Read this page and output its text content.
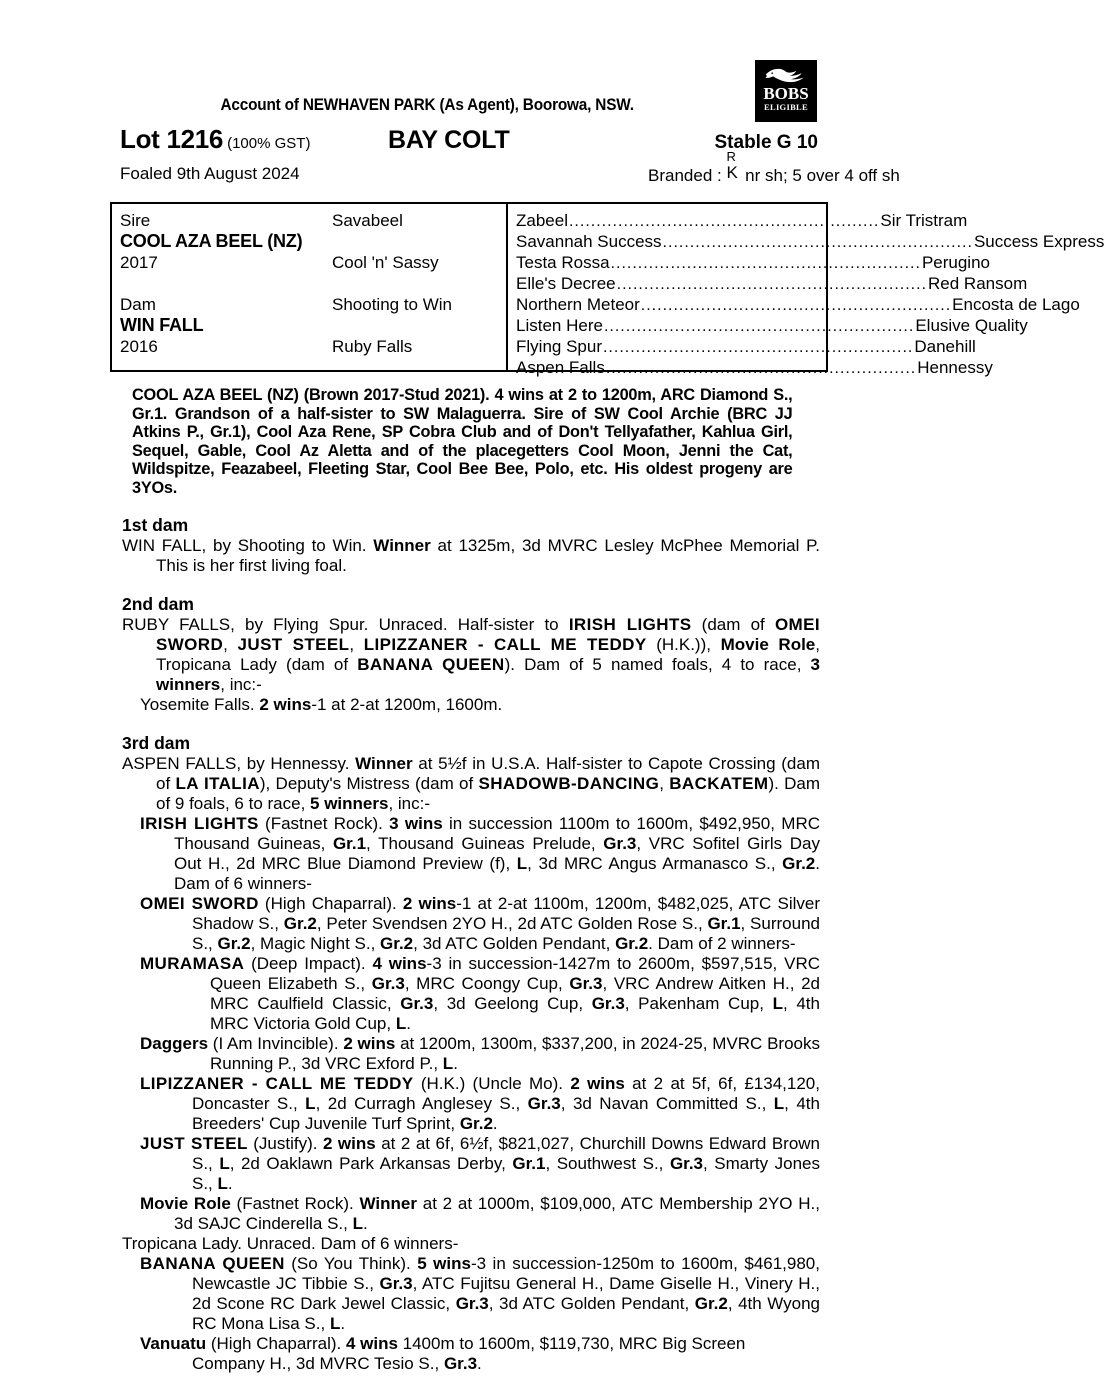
BOBS
ELIGIBLE
Account of NEWHAVEN PARK (As Agent), Boorowa, NSW.
Lot 1216 (100% GST)	BAY COLT	Stable G 10
Foaled 9th August 2024	Branded :
R
K nr sh; 5 over 4 off sh
Sire	Savabeel
COOL AZA BEEL (NZ)
2017	Cool 'n' Sassy
Dam	Shooting to Win
WIN FALL
2016	Ruby Falls
Zabeel ......................................................... Sir Tristram
Savannah Success ......................................................... Success Express
Testa Rossa ......................................................... Perugino
Elle's Decree ......................................................... Red Ransom
Northern Meteor ......................................................... Encosta de Lago
Listen Here ......................................................... Elusive Quality
Flying Spur ......................................................... Danehill
Aspen Falls ......................................................... Hennessy
COOL AZA BEEL (NZ) (Brown 2017-Stud 2021). 4 wins at 2 to 1200m, ARC Diamond S., Gr.1. Grandson of a half-sister to SW Malaguerra. Sire of SW Cool Archie (BRC JJ Atkins P., Gr.1), Cool Aza Rene, SP Cobra Club and of Don't Tellyafather, Kahlua Girl, Sequel, Gable, Cool Az Aletta and of the placegetters Cool Moon, Jenni the Cat, Wildspitze, Feazabeel, Fleeting Star, Cool Bee Bee, Polo, etc. His oldest progeny are 3YOs.
1st dam
WIN FALL, by Shooting to Win. Winner at 1325m, 3d MVRC Lesley McPhee Memorial P. This is her first living foal.
2nd dam
RUBY FALLS, by Flying Spur. Unraced. Half-sister to IRISH LIGHTS (dam of OMEI SWORD, JUST STEEL, LIPIZZANER - CALL ME TEDDY (H.K.)), Movie Role, Tropicana Lady (dam of BANANA QUEEN). Dam of 5 named foals, 4 to race, 3 winners, inc:-
Yosemite Falls. 2 wins-1 at 2-at 1200m, 1600m.
3rd dam
ASPEN FALLS, by Hennessy. Winner at 5½f in U.S.A. Half-sister to Capote Crossing (dam of LA ITALIA), Deputy's Mistress (dam of SHADOWB-DANCING, BACKATEM). Dam of 9 foals, 6 to race, 5 winners, inc:-
IRISH LIGHTS (Fastnet Rock). 3 wins in succession 1100m to 1600m, $492,950, MRC Thousand Guineas, Gr.1, Thousand Guineas Prelude, Gr.3, VRC Sofitel Girls Day Out H., 2d MRC Blue Diamond Preview (f), L, 3d MRC Angus Armanasco S., Gr.2. Dam of 6 winners-
OMEI SWORD (High Chaparral). 2 wins-1 at 2-at 1100m, 1200m, $482,025, ATC Silver Shadow S., Gr.2, Peter Svendsen 2YO H., 2d ATC Golden Rose S., Gr.1, Surround S., Gr.2, Magic Night S., Gr.2, 3d ATC Golden Pendant, Gr.2. Dam of 2 winners-
MURAMASA (Deep Impact). 4 wins-3 in succession-1427m to 2600m, $597,515, VRC Queen Elizabeth S., Gr.3, MRC Coongy Cup, Gr.3, VRC Andrew Aitken H., 2d MRC Caulfield Classic, Gr.3, 3d Geelong Cup, Gr.3, Pakenham Cup, L, 4th MRC Victoria Gold Cup, L.
Daggers (I Am Invincible). 2 wins at 1200m, 1300m, $337,200, in 2024-25, MVRC Brooks Running P., 3d VRC Exford P., L.
LIPIZZANER - CALL ME TEDDY (H.K.) (Uncle Mo). 2 wins at 2 at 5f, 6f, £134,120, Doncaster S., L, 2d Curragh Anglesey S., Gr.3, 3d Navan Committed S., L, 4th Breeders' Cup Juvenile Turf Sprint, Gr.2.
JUST STEEL (Justify). 2 wins at 2 at 6f, 6½f, $821,027, Churchill Downs Edward Brown S., L, 2d Oaklawn Park Arkansas Derby, Gr.1, Southwest S., Gr.3, Smarty Jones S., L.
Movie Role (Fastnet Rock). Winner at 2 at 1000m, $109,000, ATC Membership 2YO H., 3d SAJC Cinderella S., L.
Tropicana Lady. Unraced. Dam of 6 winners-
BANANA QUEEN (So You Think). 5 wins-3 in succession-1250m to 1600m, $461,980, Newcastle JC Tibbie S., Gr.3, ATC Fujitsu General H., Dame Giselle H., Vinery H., 2d Scone RC Dark Jewel Classic, Gr.3, 3d ATC Golden Pendant, Gr.2, 4th Wyong RC Mona Lisa S., L.
Vanuatu (High Chaparral). 4 wins 1400m to 1600m, $119,730, MRC Big Screen Company H., 3d MVRC Tesio S., Gr.3.
